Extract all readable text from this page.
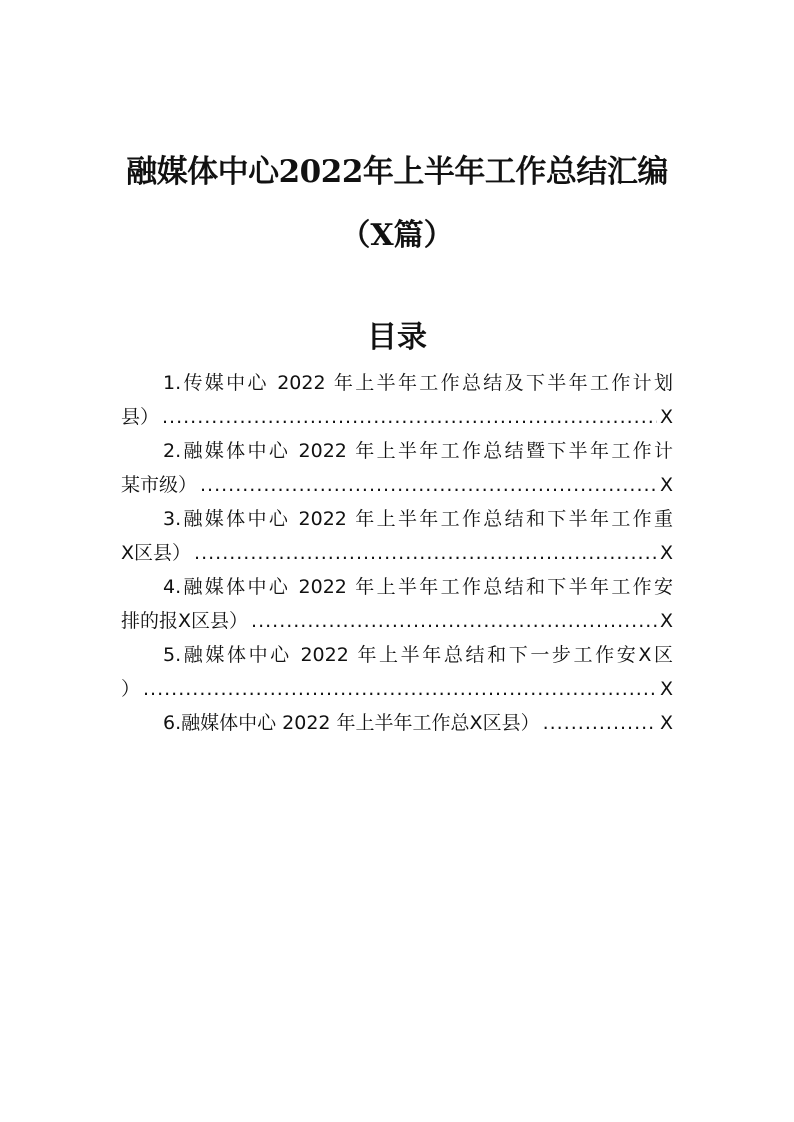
融媒体中心2022年上半年工作总结汇编
（X篇）
目录
1.传媒中心 2022 年上半年工作总结及下半年工作计划
县） .....	X
2.融媒体中心 2022 年上半年工作总结暨下半年工作计
某市级） .....	X
3.融媒体中心 2022 年上半年工作总结和下半年工作重
X区县） .....	X
4.融媒体中心 2022 年上半年工作总结和下半年工作安
排的报X区县） .....	X
5.融媒体中心 2022 年上半年总结和下一步工作安X区
） .....	X
6.融媒体中心 2022 年上半年工作总X区县） .....	X
